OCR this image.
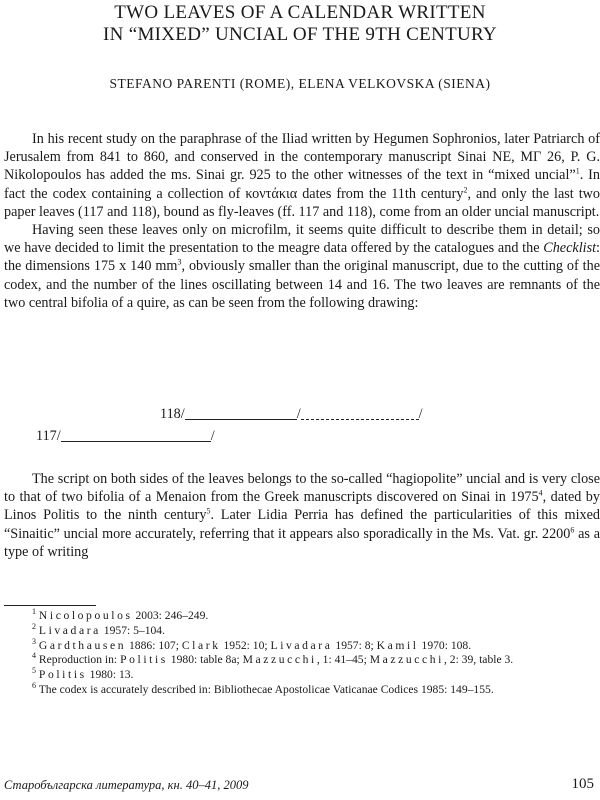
TWO LEAVES OF A CALENDAR WRITTEN
IN “MIXED” UNCIAL OF THE 9TH CENTURY
STEFANO PARENTI (ROME), ELENA VELKOVSKA (SIENA)

In his recent study on the paraphrase of the Iliad written by Hegumen Sophronios, later Patriarch of Jerusalem from 841 to 860, and conserved in the contemporary manuscript Sinai NE, ΜΓ 26, P. G. Nikolopoulos has added the ms. Sinai gr. 925 to the other witnesses of the text in “mixed uncial”$^1$. In fact the codex containing a collection of κοντάκια dates from the 11th century$^2$, and only the last two paper leaves (117 and 118), bound as fly-leaves (ff. 117 and 118), come from an older uncial manuscript.

Having seen these leaves only on microfilm, it seems quite difficult to describe them in detail; so we have decided to limit the presentation to the meagre data offered by the catalogues and the Checklist: the dimensions 175 x 140 $mm^3$, obviously smaller than the original manuscript, due to the cutting of the codex, and the number of the lines oscillating between 14 and 16. The two leaves are remnants of the two central bifolia of a quire, as can be seen from the following drawing:

118 /	/	/
117 /	/

The script on both sides of the leaves belongs to the so-called “hagiopolite” uncial and is very close to that of two bifolia of a Menaion from the Greek manuscripts discovered on Sinai in 1975$^4$, dated by Linos Politis to the ninth century$^5$. Later Lidia Perria has defined the particularities of this mixed “Sinaitic” uncial more accurately, referring that it appears also sporadically in the Ms. Vat. gr. 2200$^6$ as a type of writing

$^1$ Nicolopoulos 2003: 246–249.

$^2$ Livadara 1957: 5–104.

$^3$ Gardthausen 1886: 107; Clark 1952: 10; Livadara 1957: 8; Kamil 1970: 108.

$^4$ Reproduction in: Politis 1980: table 8a; Mazzucchi, 1: 41–45; Mazzucchi, 2: 39, table 3.

$^5$ Politis 1980: 13.

$^6$ The codex is accurately described in: Bibliothecae Apostolicae Vaticanae Codices 1985: 149–155.

Старобългарска литература, кн. 40–41, 2009	105
